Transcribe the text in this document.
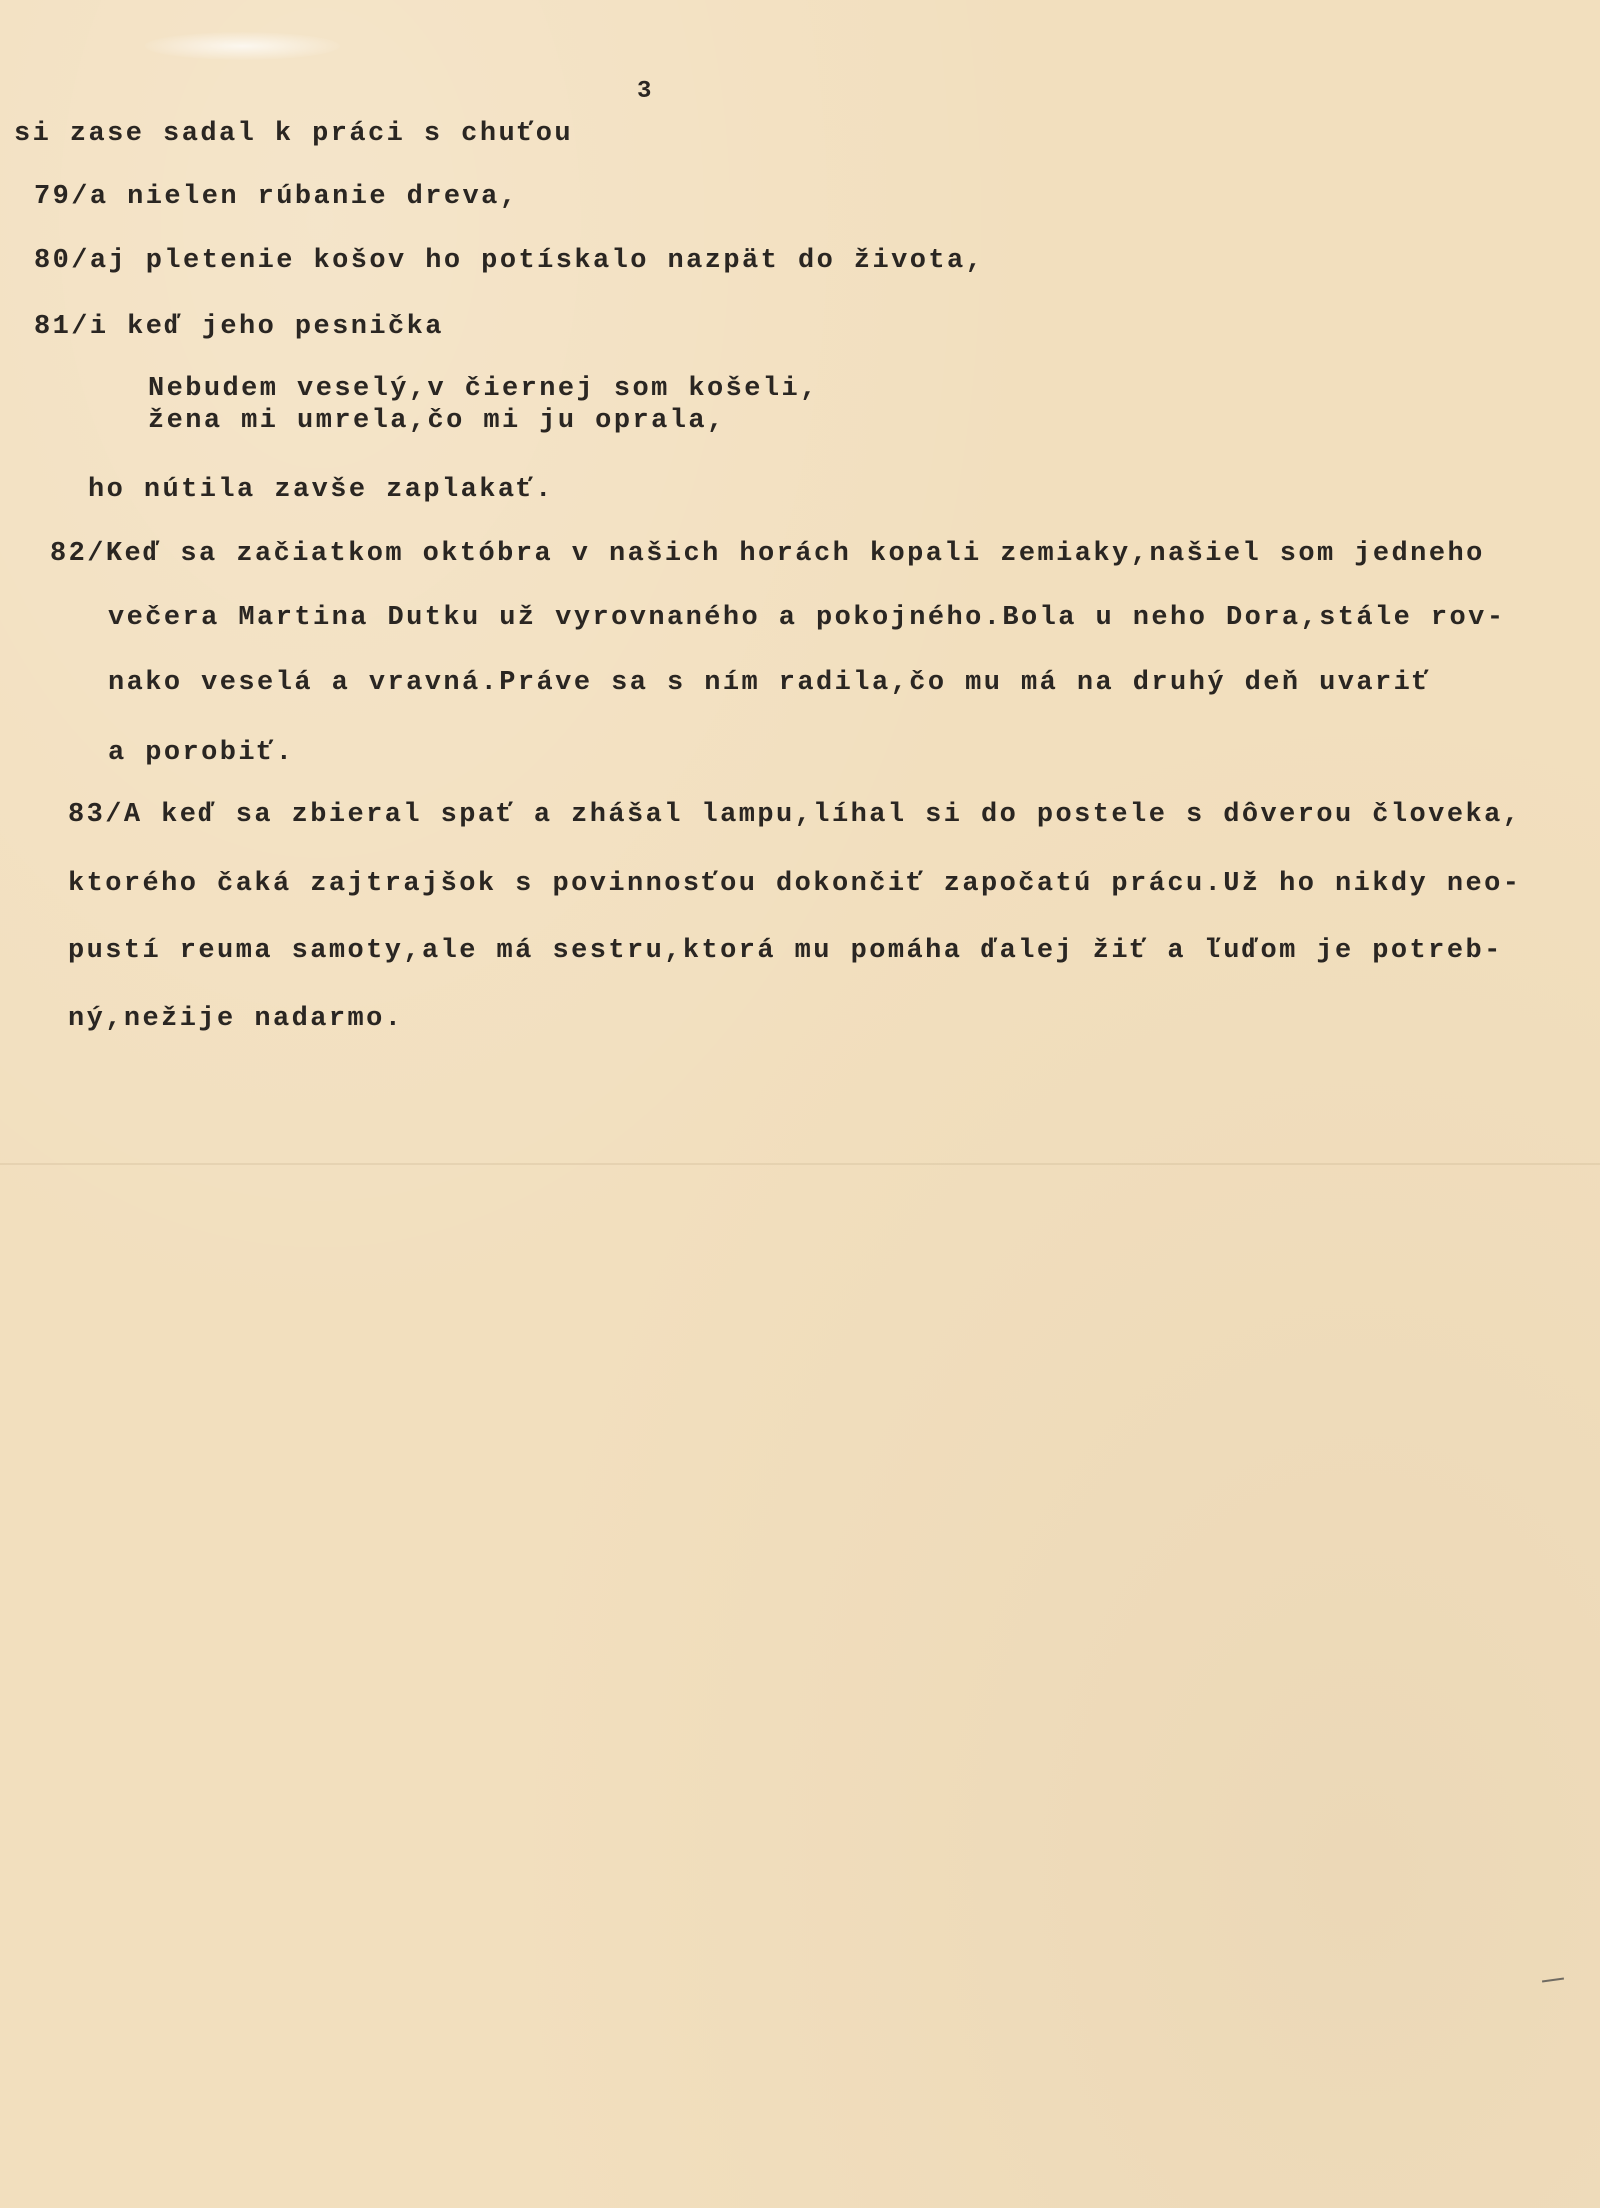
3
si zase sadal k práci s chuťou
79/a nielen rúbanie dreva,
80/aj pletenie košov ho potískalo nazpät do života,
81/i keď jeho pesnička
Nebudem veselý,v čiernej som košeli,
žena mi umrela,čo mi ju oprala,
ho nútila zavše zaplakať.
82/Keď sa začiatkom októbra v našich horách kopali zemiaky,našiel som jedneho
večera Martina Dutku už vyrovnaného a pokojného.Bola u neho Dora,stále rov-
nako veselá a vravná.Práve sa s ním radila,čo mu má na druhý deň uvariť
a porobiť.
83/A keď sa zbieral spať a zhášal lampu,líhal si do postele s dôverou človeka,
ktorého čaká zajtrajšok s povinnosťou dokončiť započatú prácu.Už ho nikdy neo-
pustí reuma samoty,ale má sestru,ktorá mu pomáha ďalej žiť a ľuďom je potreb-
ný,nežije nadarmo.
